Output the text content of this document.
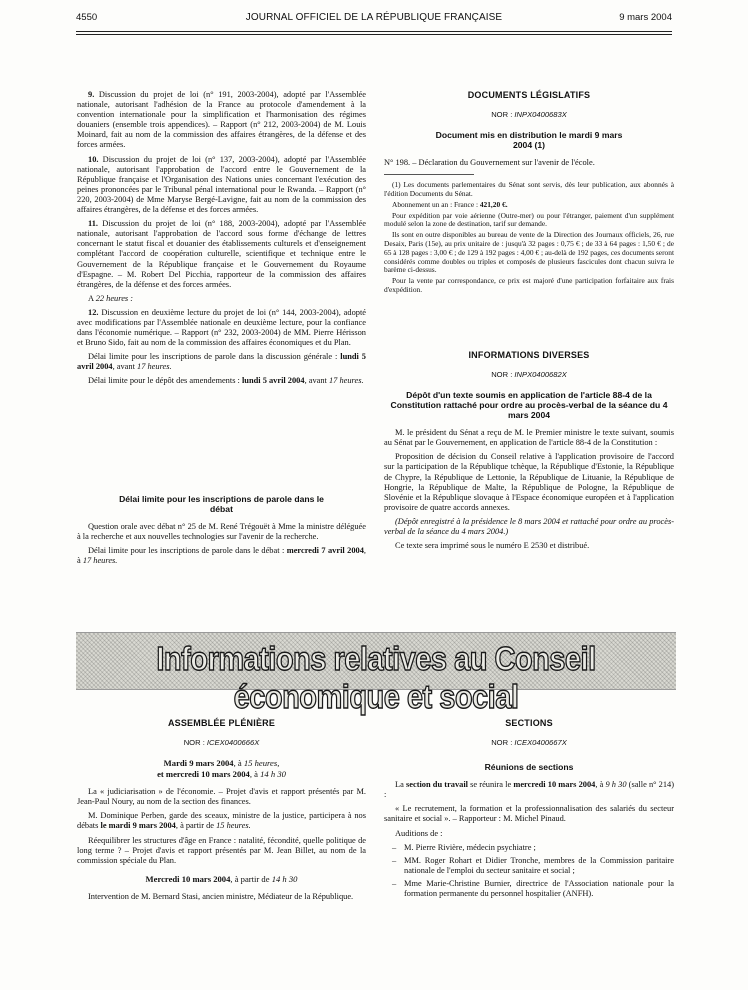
4550	JOURNAL OFFICIEL DE LA RÉPUBLIQUE FRANÇAISE	9 mars 2004

9. Discussion du projet de loi (n° 191, 2003-2004), adopté par l'Assemblée nationale, autorisant l'adhésion de la France au protocole d'amendement à la convention internationale pour la simplification et l'harmonisation des régimes douaniers (ensemble trois appendices). – Rapport (n° 212, 2003-2004) de M. Louis Moinard, fait au nom de la commission des affaires étrangères, de la défense et des forces armées.

10. Discussion du projet de loi (n° 137, 2003-2004), adopté par l'Assemblée nationale, autorisant l'approbation de l'accord entre le Gouvernement de la République française et l'Organisation des Nations unies concernant l'exécution des peines prononcées par le Tribunal pénal international pour le Rwanda. – Rapport (n° 220, 2003-2004) de Mme Maryse Bergé-Lavigne, fait au nom de la commission des affaires étrangères, de la défense et des forces armées.

11. Discussion du projet de loi (n° 188, 2003-2004), adopté par l'Assemblée nationale, autorisant l'approbation de l'accord sous forme d'échange de lettres concernant le statut fiscal et douanier des établissements culturels et d'enseignement complétant l'accord de coopération culturelle, scientifique et technique entre le Gouvernement de la République française et le Gouvernement du Royaume d'Espagne. – M. Robert Del Picchia, rapporteur de la commission des affaires étrangères, de la défense et des forces armées.

A 22 heures :

12. Discussion en deuxième lecture du projet de loi (n° 144, 2003-2004), adopté avec modifications par l'Assemblée nationale en deuxième lecture, pour la confiance dans l'économie numérique. – Rapport (n° 232, 2003-2004) de MM. Pierre Hérisson et Bruno Sido, fait au nom de la commission des affaires économiques et du Plan.

Délai limite pour les inscriptions de parole dans la discussion générale : lundi 5 avril 2004, avant 17 heures.

Délai limite pour le dépôt des amendements : lundi 5 avril 2004, avant 17 heures.

Délai limite pour les inscriptions de parole dans le débat

Question orale avec débat n° 25 de M. René Trégouët à Mme la ministre déléguée à la recherche et aux nouvelles technologies sur l'avenir de la recherche.

Délai limite pour les inscriptions de parole dans le débat : mercredi 7 avril 2004, à 17 heures.

DOCUMENTS LÉGISLATIFS
NOR : INPX0400683X
Document mis en distribution le mardi 9 mars 2004 (1)

N° 198. – Déclaration du Gouvernement sur l'avenir de l'école.

(1) Les documents parlementaires du Sénat sont servis, dès leur publication, aux abonnés à l'édition Documents du Sénat.

Abonnement un an : France : 421,20 €.

Pour expédition par voie aérienne (Outre-mer) ou pour l'étranger, paiement d'un supplément modulé selon la zone de destination, tarif sur demande.

Ils sont en outre disponibles au bureau de vente de la Direction des Journaux officiels, 26, rue Desaix, Paris (15e), au prix unitaire de : jusqu'à 32 pages : 0,75 € ; de 33 à 64 pages : 1,50 € ; de 65 à 128 pages : 3,00 € ; de 129 à 192 pages : 4,00 € ; au-delà de 192 pages, ces documents seront considérés comme doubles ou triples et composés de plusieurs fascicules dont chacun suivra le barème ci-dessus.

Pour la vente par correspondance, ce prix est majoré d'une participation forfaitaire aux frais d'expédition.

INFORMATIONS DIVERSES
NOR : INPX0400682X
Dépôt d'un texte soumis en application de l'article 88-4 de la Constitution rattaché pour ordre au procès-verbal de la séance du 4 mars 2004

M. le président du Sénat a reçu de M. le Premier ministre le texte suivant, soumis au Sénat par le Gouvernement, en application de l'article 88-4 de la Constitution :

Proposition de décision du Conseil relative à l'application provisoire de l'accord sur la participation de la République tchèque, la République d'Estonie, la République de Chypre, la République de Lettonie, la République de Lituanie, la République de Hongrie, la République de Malte, la République de Pologne, la République de Slovénie et la République slovaque à l'Espace économique européen et à l'application provisoire de quatre accords annexes.

(Dépôt enregistré à la présidence le 8 mars 2004 et rattaché pour ordre au procès-verbal de la séance du 4 mars 2004.)

Ce texte sera imprimé sous le numéro E 2530 et distribué.

Informations relatives au Conseil économique et social
ASSEMBLÉE PLÉNIÈRE
NOR : ICEX0400666X
Mardi 9 mars 2004, à 15 heures,
et mercredi 10 mars 2004, à 14 h 30

La « judiciarisation » de l'économie. – Projet d'avis et rapport présentés par M. Jean-Paul Noury, au nom de la section des finances.

M. Dominique Perben, garde des sceaux, ministre de la justice, participera à nos débats le mardi 9 mars 2004, à partir de 15 heures.

Réequilibrer les structures d'âge en France : natalité, fécondité, quelle politique de long terme ? – Projet d'avis et rapport présentés par M. Jean Billet, au nom de la commission spéciale du Plan.

Mercredi 10 mars 2004, à partir de 14 h 30

Intervention de M. Bernard Stasi, ancien ministre, Médiateur de la République.

SECTIONS
NOR : ICEX0400667X
Réunions de sections

La section du travail se réunira le mercredi 10 mars 2004, à 9 h 30 (salle n° 214) :

« Le recrutement, la formation et la professionnalisation des salariés du secteur sanitaire et social ». – Rapporteur : M. Michel Pinaud.

Auditions de :

– M. Pierre Rivière, médecin psychiatre ;
– MM. Roger Rohart et Didier Tronche, membres de la Commission paritaire nationale de l'emploi du secteur sanitaire et social ;
– Mme Marie-Christine Burnier, directrice de l'Association nationale pour la formation permanente du personnel hospitalier (ANFH).
